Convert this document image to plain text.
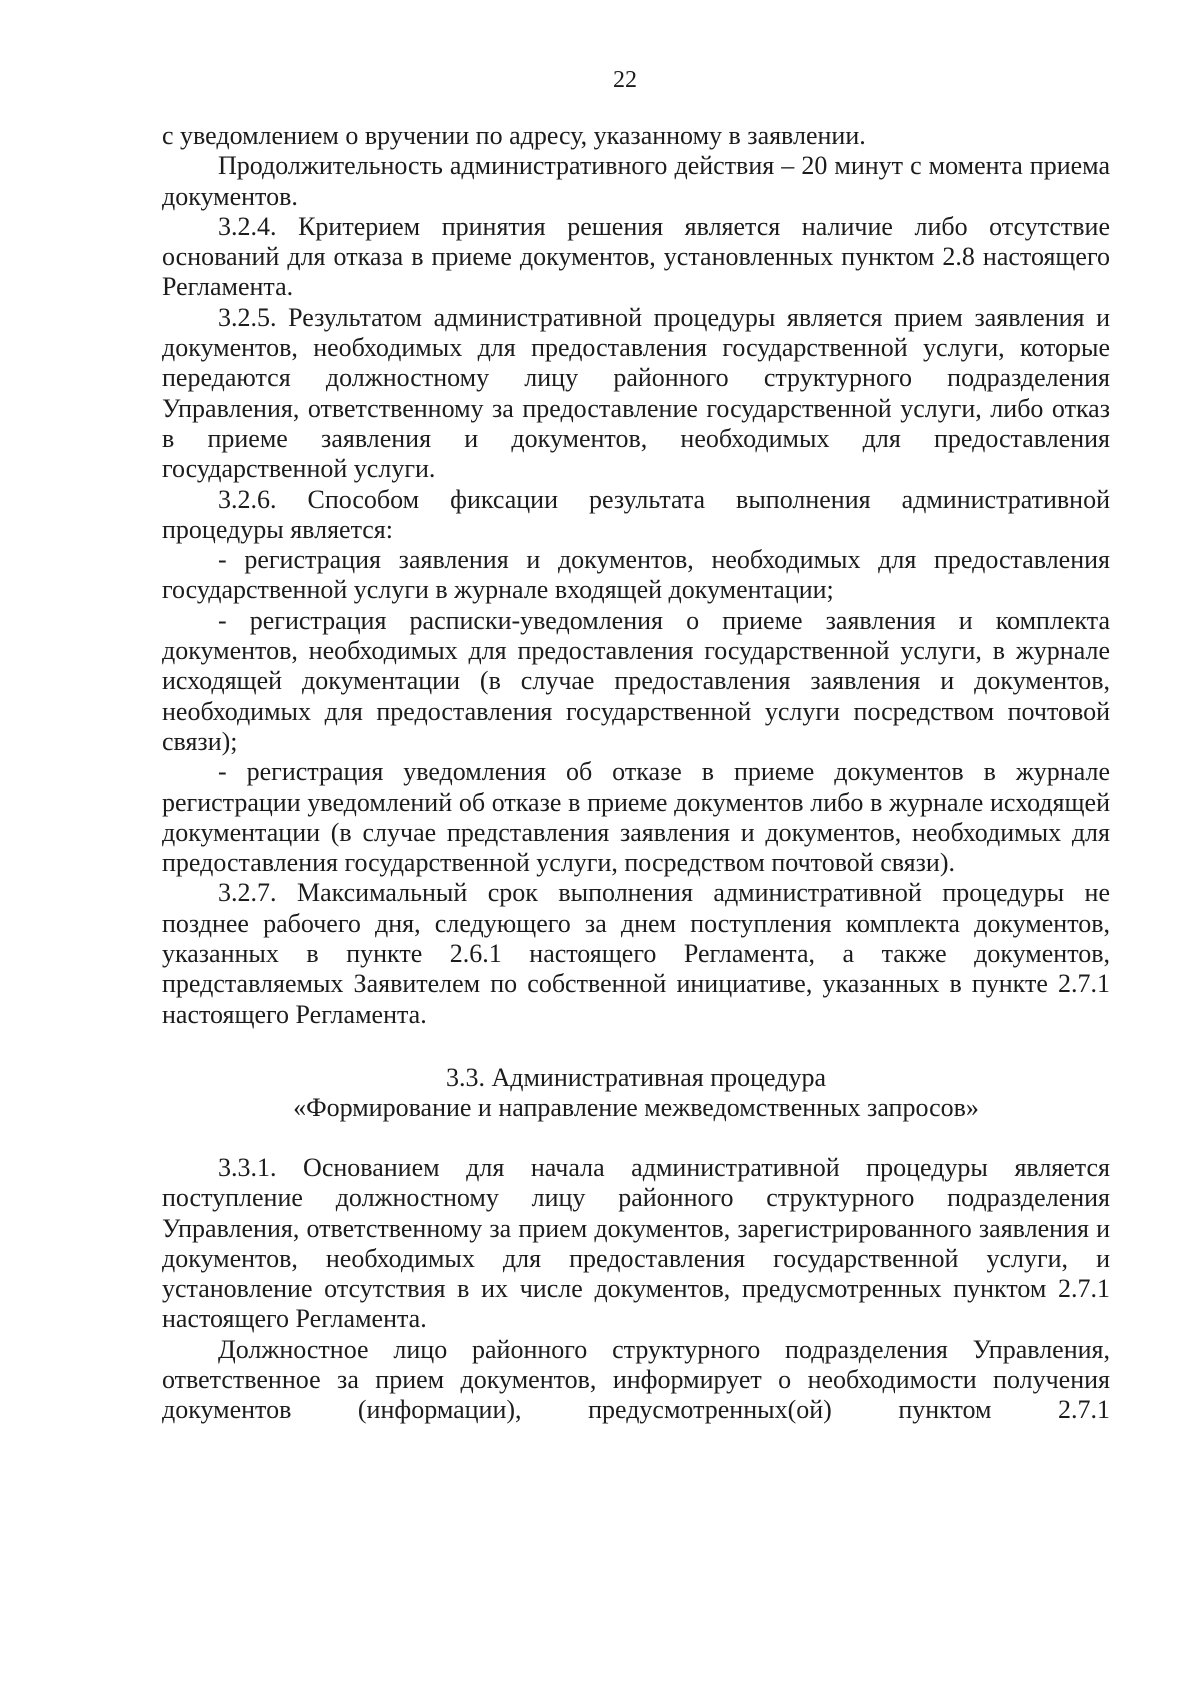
22

с уведомлением о вручении по адресу, указанному в заявлении.

Продолжительность административного действия – 20 минут с момента приема документов.

3.2.4. Критерием принятия решения является наличие либо отсутствие оснований для отказа в приеме документов, установленных пунктом 2.8 настоящего Регламента.

3.2.5. Результатом административной процедуры является прием заявления и документов, необходимых для предоставления государственной услуги, которые передаются должностному лицу районного структурного подразделения Управления, ответственному за предоставление государственной услуги, либо отказ в приеме заявления и документов, необходимых для предоставления государственной услуги.

3.2.6. Способом фиксации результата выполнения административной процедуры является:

- регистрация заявления и документов, необходимых для предоставления государственной услуги в журнале входящей документации;

- регистрация расписки-уведомления о приеме заявления и комплекта документов, необходимых для предоставления государственной услуги, в журнале исходящей документации (в случае предоставления заявления и документов, необходимых для предоставления государственной услуги посредством почтовой связи);

- регистрация уведомления об отказе в приеме документов в журнале регистрации уведомлений об отказе в приеме документов либо в журнале исходящей документации (в случае представления заявления и документов, необходимых для предоставления государственной услуги, посредством почтовой связи).

3.2.7. Максимальный срок выполнения административной процедуры не позднее рабочего дня, следующего за днем поступления комплекта документов, указанных в пункте 2.6.1 настоящего Регламента, а также документов, представляемых Заявителем по собственной инициативе, указанных в пункте 2.7.1 настоящего Регламента.

3.3. Административная процедура
«Формирование и направление межведомственных запросов»

3.3.1. Основанием для начала административной процедуры является поступление должностному лицу районного структурного подразделения Управления, ответственному за прием документов, зарегистрированного заявления и документов, необходимых для предоставления государственной услуги, и установление отсутствия в их числе документов, предусмотренных пунктом 2.7.1 настоящего Регламента.

Должностное лицо районного структурного подразделения Управления, ответственное за прием документов, информирует о необходимости получения документов (информации), предусмотренных(ой) пунктом 2.7.1
